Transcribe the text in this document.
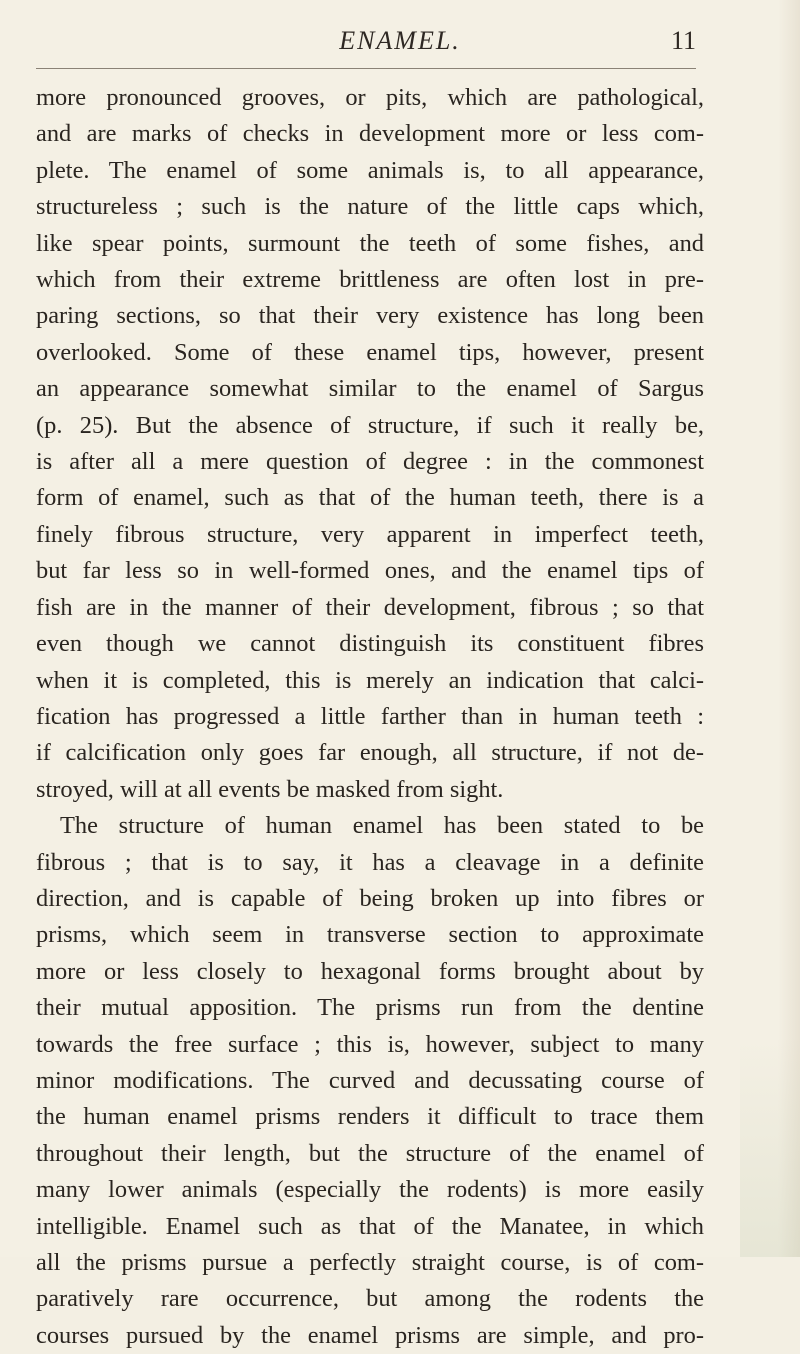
ENAMEL.	11
more pronounced grooves, or pits, which are pathological,
and are marks of checks in development more or less com-
plete. The enamel of some animals is, to all appearance,
structureless ; such is the nature of the little caps which,
like spear points, surmount the teeth of some fishes, and
which from their extreme brittleness are often lost in pre-
paring sections, so that their very existence has long been
overlooked. Some of these enamel tips, however, present
an appearance somewhat similar to the enamel of Sargus
(p. 25). But the absence of structure, if such it really be,
is after all a mere question of degree : in the commonest
form of enamel, such as that of the human teeth, there is a
finely fibrous structure, very apparent in imperfect teeth,
but far less so in well-formed ones, and the enamel tips of
fish are in the manner of their development, fibrous ; so that
even though we cannot distinguish its constituent fibres
when it is completed, this is merely an indication that calci-
fication has progressed a little farther than in human teeth :
if calcification only goes far enough, all structure, if not de-
stroyed, will at all events be masked from sight.
The structure of human enamel has been stated to be
fibrous ; that is to say, it has a cleavage in a definite
direction, and is capable of being broken up into fibres or
prisms, which seem in transverse section to approximate
more or less closely to hexagonal forms brought about by
their mutual apposition. The prisms run from the dentine
towards the free surface ; this is, however, subject to many
minor modifications. The curved and decussating course of
the human enamel prisms renders it difficult to trace them
throughout their length, but the structure of the enamel of
many lower animals (especially the rodents) is more easily
intelligible. Enamel such as that of the Manatee, in which
all the prisms pursue a perfectly straight course, is of com-
paratively rare occurrence, but among the rodents the
courses pursued by the enamel prisms are simple, and pro-
